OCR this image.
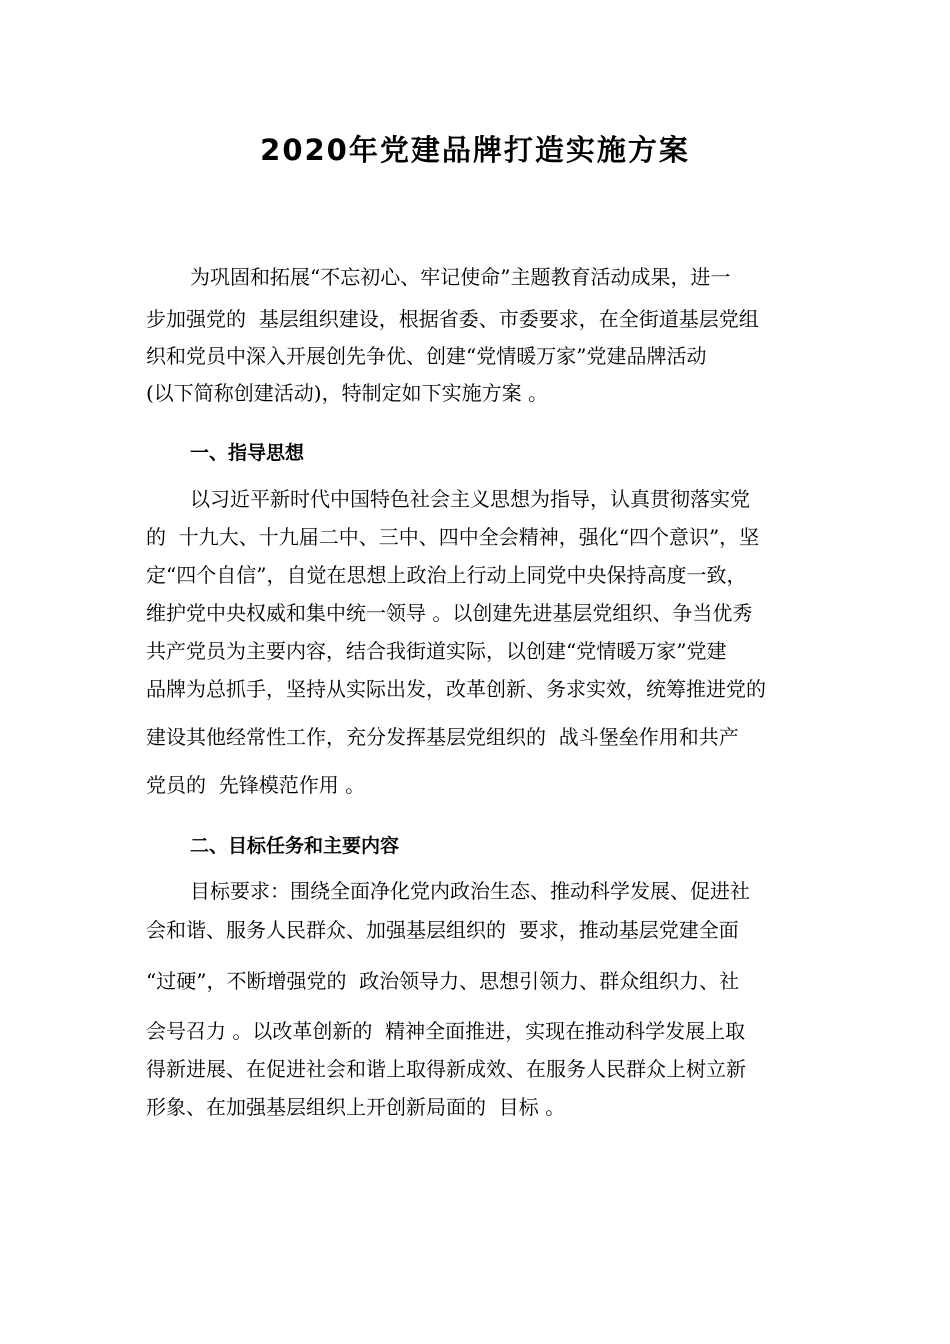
2020年党建品牌打造实施方案

为巩固和拓展“不忘初心、牢记使命”主题教育活动成果，进一

步加强党的  基层组织建设，根据省委、市委要求，在全街道基层党组

织和党员中深入开展创先争优、创建“党情暖万家”党建品牌活动

(以下简称创建活动)，特制定如下实施方案 。

一、指导思想

以习近平新时代中国特色社会主义思想为指导，认真贯彻落实党

的  十九大、十九届二中、三中、四中全会精神，强化“四个意识”，坚

定“四个自信”，自觉在思想上政治上行动上同党中央保持高度一致，

维护党中央权威和集中统一领导 。以创建先进基层党组织、争当优秀

共产党员为主要内容，结合我街道实际，以创建“党情暖万家”党建

品牌为总抓手，坚持从实际出发，改革创新、务求实效，统筹推进党的

建设其他经常性工作，充分发挥基层党组织的  战斗堡垒作用和共产

党员的  先锋模范作用 。

二、目标任务和主要内容

目标要求：围绕全面净化党内政治生态、推动科学发展、促进社

会和谐、服务人民群众、加强基层组织的  要求，推动基层党建全面

“过硬”，不断增强党的  政治领导力、思想引领力、群众组织力、社

会号召力 。以改革创新的  精神全面推进，实现在推动科学发展上取

得新进展、在促进社会和谐上取得新成效、在服务人民群众上树立新

形象、在加强基层组织上开创新局面的  目标 。
